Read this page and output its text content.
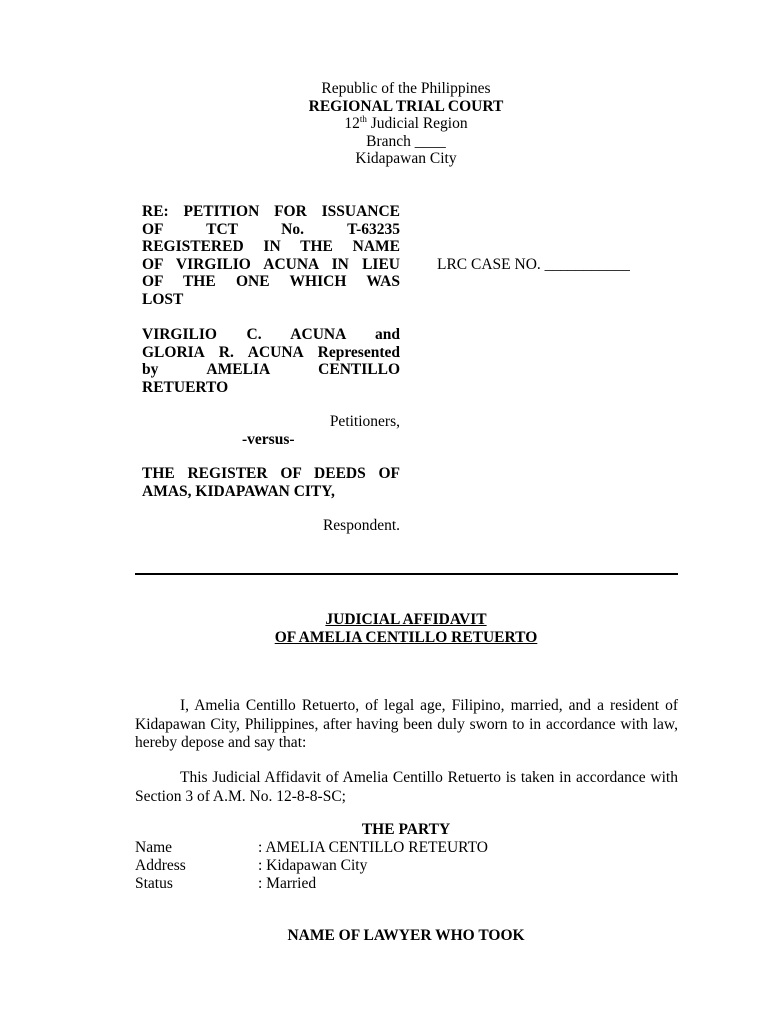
Republic of the Philippines
REGIONAL TRIAL COURT
12th Judicial Region
Branch ____
Kidapawan City
RE: PETITION FOR ISSUANCE
OF TCT No. T-63235
REGISTERED IN THE NAME
OF VIRGILIO ACUNA IN LIEU
OF THE ONE WHICH WAS
LOST
VIRGILIO C. ACUNA and
GLORIA R. ACUNA Represented
by AMELIA CENTILLO
RETUERTO
Petitioners,
-versus-
THE REGISTER OF DEEDS OF
AMAS, KIDAPAWAN CITY,
Respondent.
LRC CASE NO. ___________
JUDICIAL AFFIDAVIT
OF AMELIA CENTILLO RETUERTO
I, Amelia Centillo Retuerto, of legal age, Filipino, married, and a resident of Kidapawan City, Philippines, after having been duly sworn to in accordance with law, hereby depose and say that:
This Judicial Affidavit of Amelia Centillo Retuerto is taken in accordance with Section 3 of A.M. No. 12-8-8-SC;
THE PARTY
Name	: AMELIA CENTILLO RETEURTO
Address	: Kidapawan City
Status	: Married
NAME OF LAWYER WHO TOOK
